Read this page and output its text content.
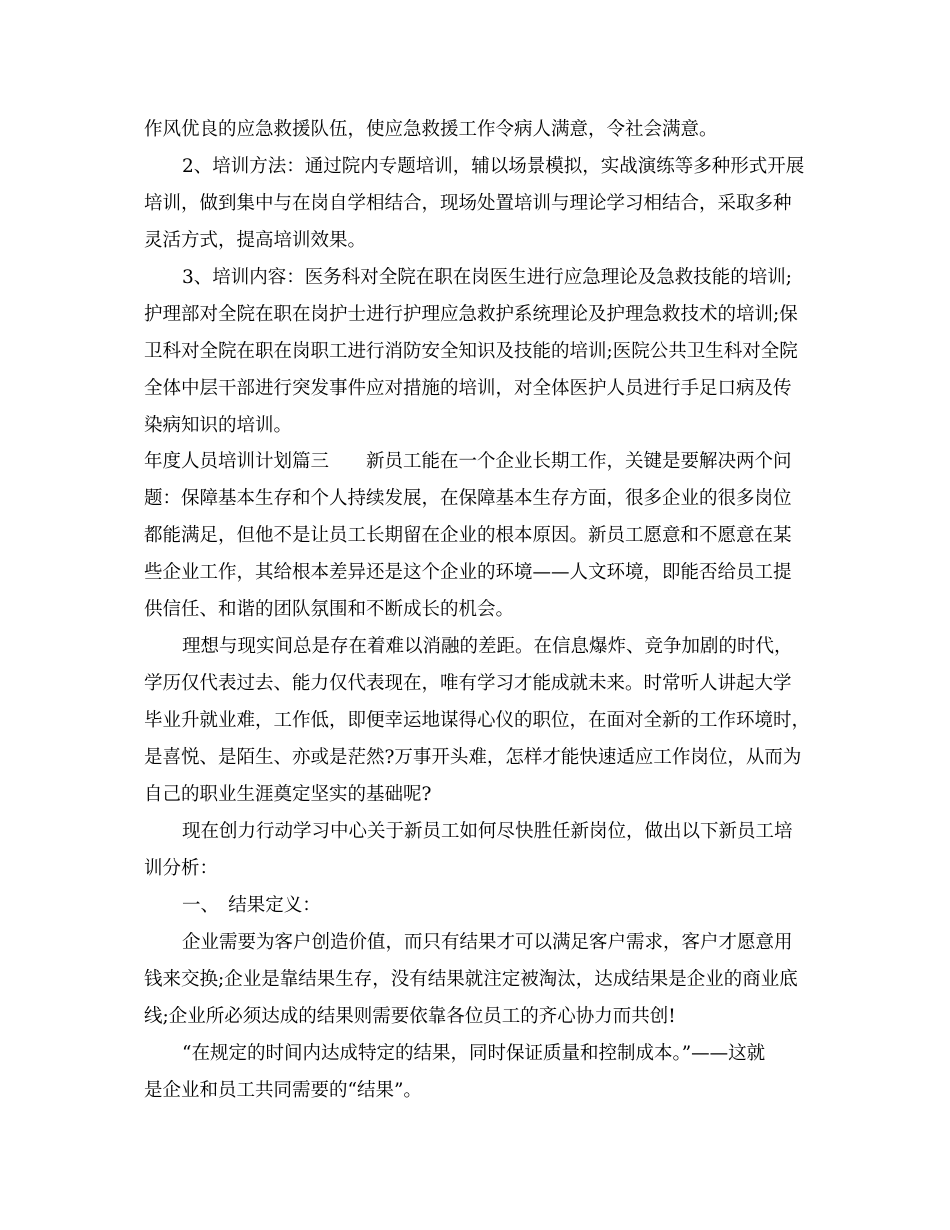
作风优良的应急救援队伍，使应急救援工作令病人满意，令社会满意。
2、培训方法：通过院内专题培训，辅以场景模拟，实战演练等多种形式开展
培训，做到集中与在岗自学相结合，现场处置培训与理论学习相结合，采取多种
灵活方式，提高培训效果。
3、培训内容：医务科对全院在职在岗医生进行应急理论及急救技能的培训;
护理部对全院在职在岗护士进行护理应急救护系统理论及护理急救技术的培训;保
卫科对全院在职在岗职工进行消防安全知识及技能的培训;医院公共卫生科对全院
全体中层干部进行突发事件应对措施的培训，对全体医护人员进行手足口病及传
染病知识的培训。
年度人员培训计划篇三　　新员工能在一个企业长期工作，关键是要解决两个问
题：保障基本生存和个人持续发展，在保障基本生存方面，很多企业的很多岗位
都能满足，但他不是让员工长期留在企业的根本原因。新员工愿意和不愿意在某
些企业工作，其给根本差异还是这个企业的环境——人文环境，即能否给员工提
供信任、和谐的团队氛围和不断成长的机会。
理想与现实间总是存在着难以消融的差距。在信息爆炸、竞争加剧的时代，
学历仅代表过去、能力仅代表现在，唯有学习才能成就未来。时常听人讲起大学
毕业升就业难，工作低，即便幸运地谋得心仪的职位，在面对全新的工作环境时，
是喜悦、是陌生、亦或是茫然?万事开头难，怎样才能快速适应工作岗位，从而为
自己的职业生涯奠定坚实的基础呢?
现在创力行动学习中心关于新员工如何尽快胜任新岗位，做出以下新员工培
训分析：
一、　结果定义：
企业需要为客户创造价值，而只有结果才可以满足客户需求，客户才愿意用
钱来交换;企业是靠结果生存，没有结果就注定被淘汰，达成结果是企业的商业底
线;企业所必须达成的结果则需要依靠各位员工的齐心协力而共创!
“在规定的时间内达成特定的结果，同时保证质量和控制成本。”——这就
是企业和员工共同需要的“结果”。
